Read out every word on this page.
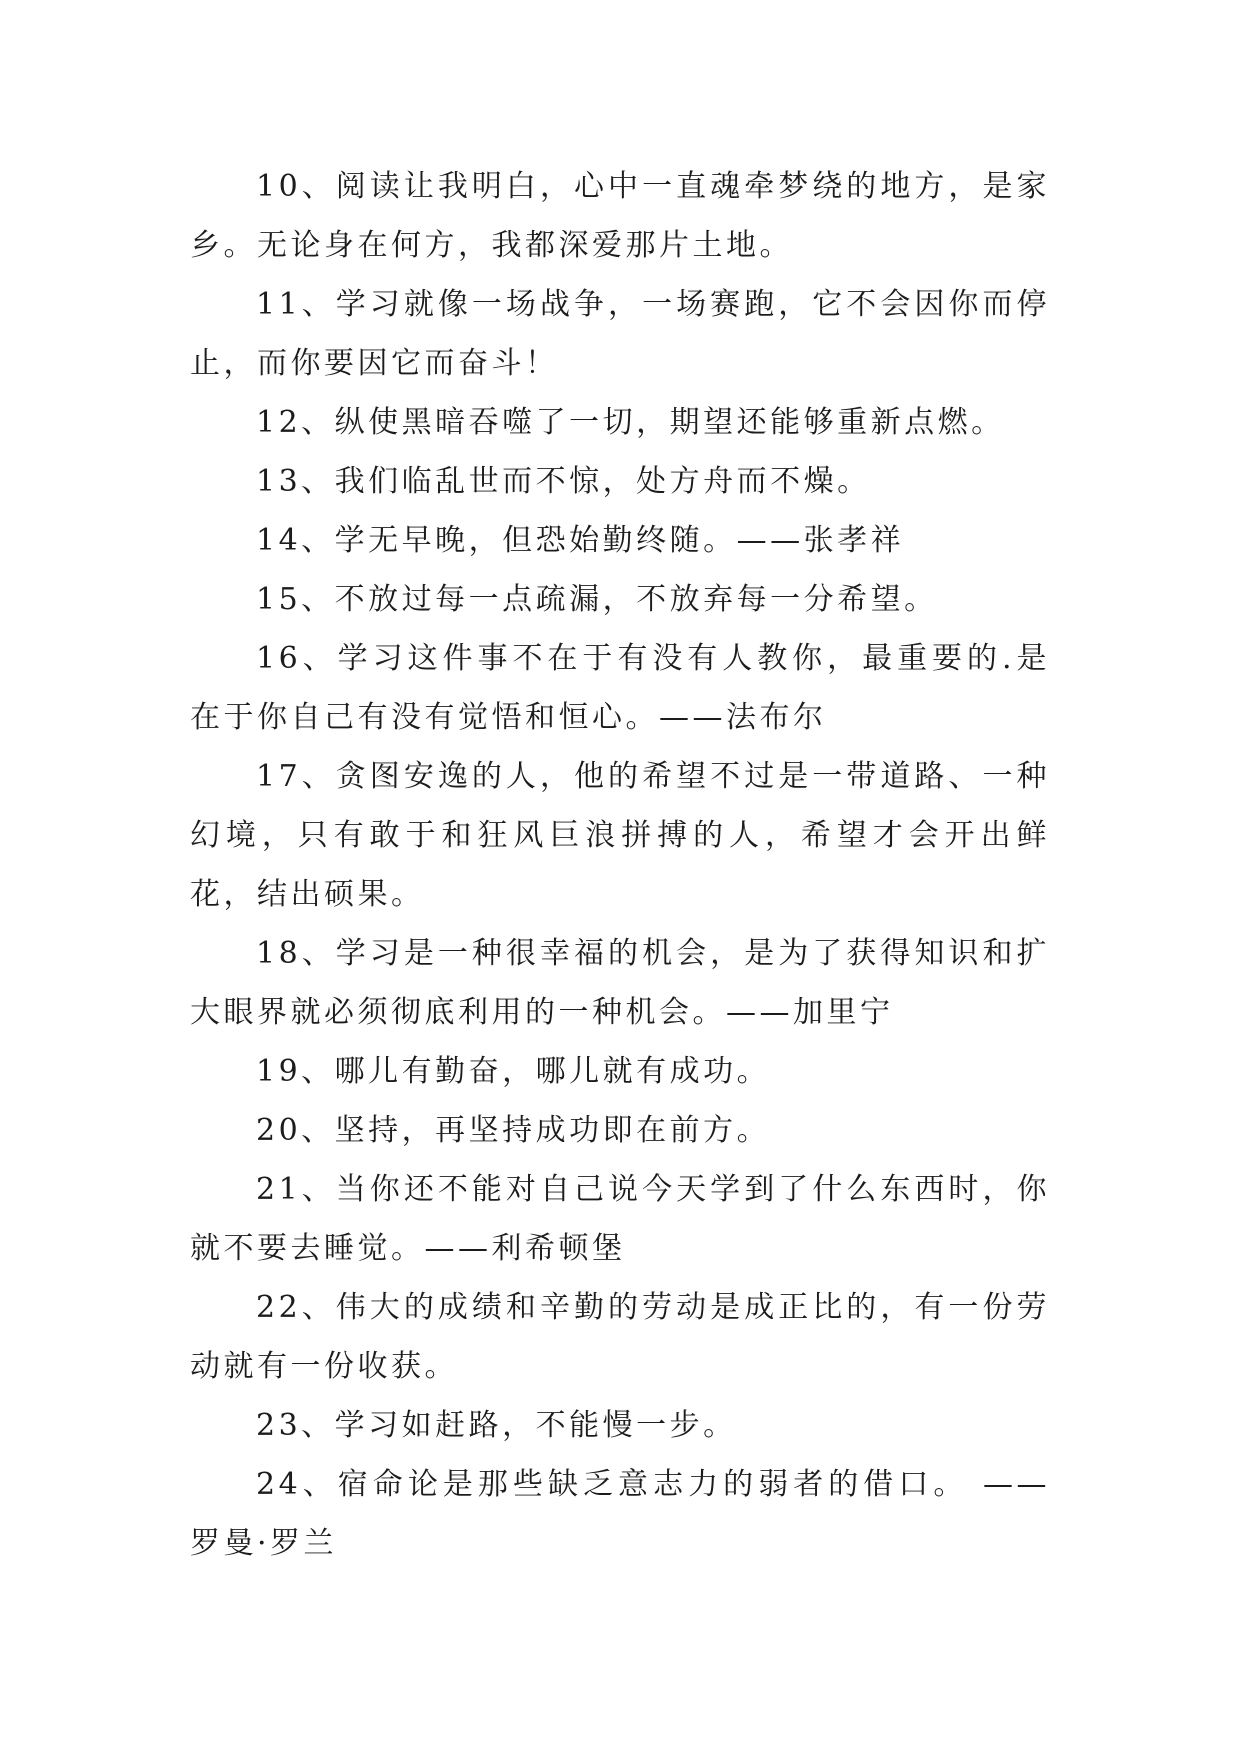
10、阅读让我明白，心中一直魂牵梦绕的地方，是家乡。无论身在何方，我都深爱那片土地。

11、学习就像一场战争，一场赛跑，它不会因你而停止，而你要因它而奋斗！

12、纵使黑暗吞噬了一切，期望还能够重新点燃。

13、我们临乱世而不惊，处方舟而不燥。

14、学无早晚，但恐始勤终随。——张孝祥

15、不放过每一点疏漏，不放弃每一分希望。

16、学习这件事不在于有没有人教你，最重要的.是在于你自己有没有觉悟和恒心。——法布尔

17、贪图安逸的人，他的希望不过是一带道路、一种幻境，只有敢于和狂风巨浪拼搏的人，希望才会开出鲜花，结出硕果。

18、学习是一种很幸福的机会，是为了获得知识和扩大眼界就必须彻底利用的一种机会。——加里宁

19、哪儿有勤奋，哪儿就有成功。

20、坚持，再坚持成功即在前方。

21、当你还不能对自己说今天学到了什么东西时，你就不要去睡觉。——利希顿堡

22、伟大的成绩和辛勤的劳动是成正比的，有一份劳动就有一份收获。

23、学习如赶路，不能慢一步。

24、宿命论是那些缺乏意志力的弱者的借口。 ——罗曼·罗兰
